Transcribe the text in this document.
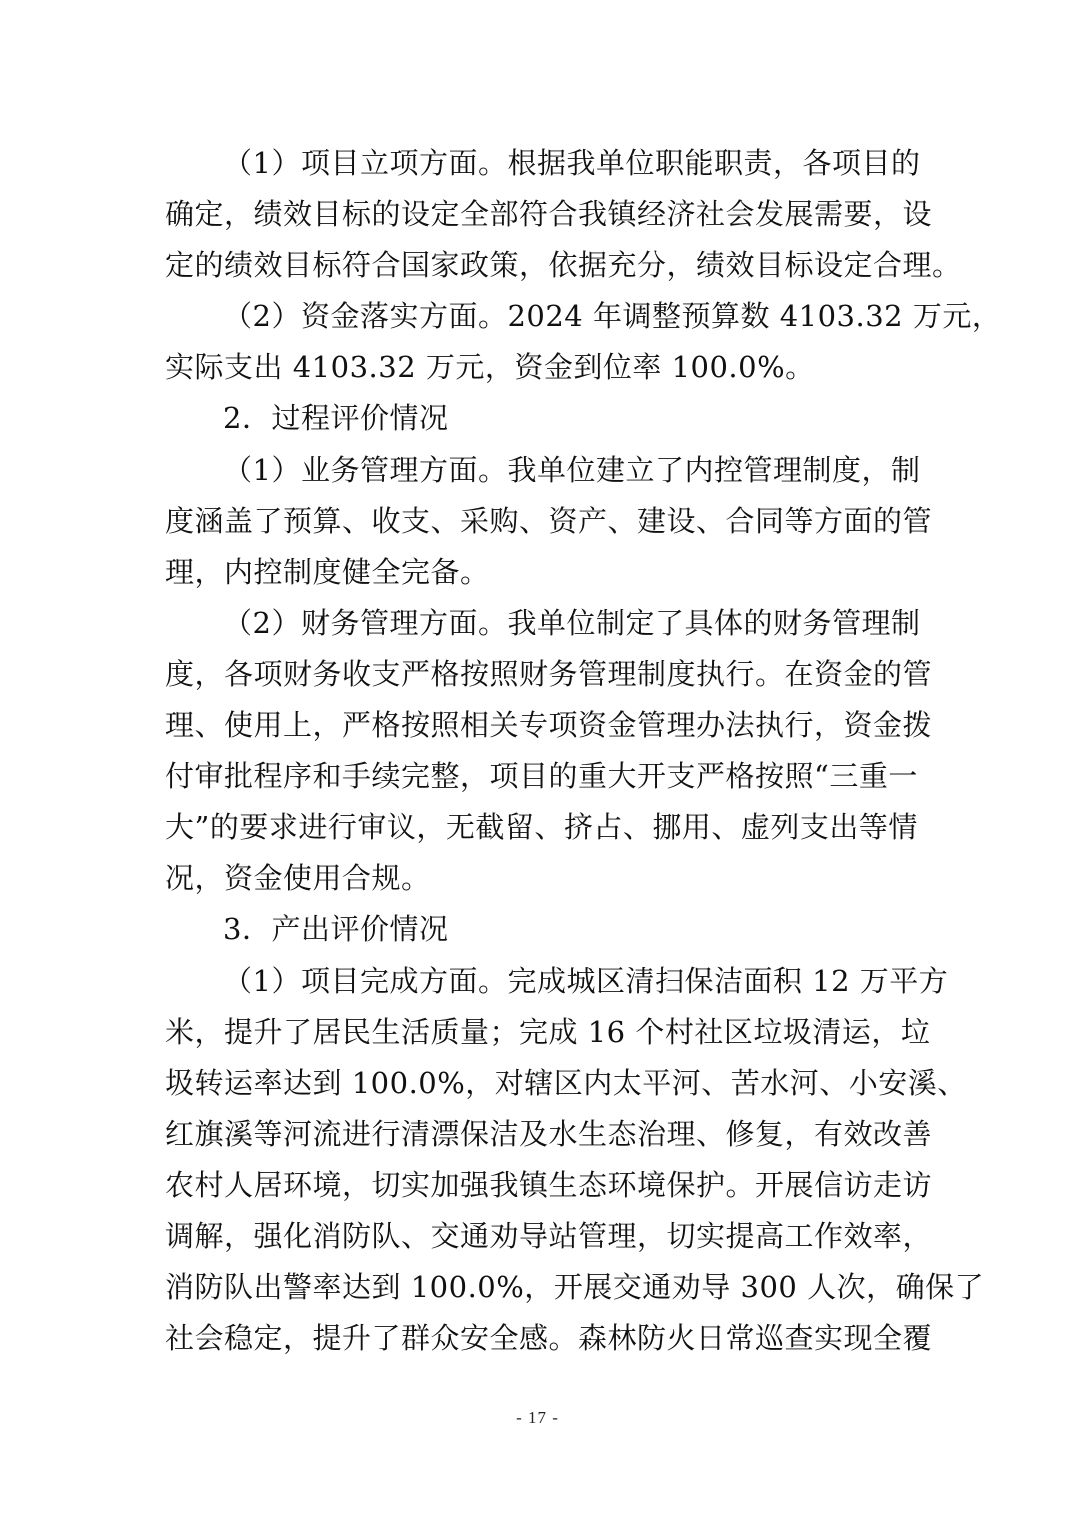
（1）项目立项方面。根据我单位职能职责，各项目的
确定，绩效目标的设定全部符合我镇经济社会发展需要，设
定的绩效目标符合国家政策，依据充分，绩效目标设定合理。
（2）资金落实方面。2024 年调整预算数 4103.32 万元，
实际支出 4103.32 万元，资金到位率 100.0%。
2．过程评价情况
（1）业务管理方面。我单位建立了内控管理制度，制
度涵盖了预算、收支、采购、资产、建设、合同等方面的管
理，内控制度健全完备。
（2）财务管理方面。我单位制定了具体的财务管理制
度，各项财务收支严格按照财务管理制度执行。在资金的管
理、使用上，严格按照相关专项资金管理办法执行，资金拨
付审批程序和手续完整，项目的重大开支严格按照“三重一
大”的要求进行审议，无截留、挤占、挪用、虚列支出等情
况，资金使用合规。
3．产出评价情况
（1）项目完成方面。完成城区清扫保洁面积 12 万平方
米，提升了居民生活质量；完成 16 个村社区垃圾清运，垃
圾转运率达到 100.0%，对辖区内太平河、苦水河、小安溪、
红旗溪等河流进行清漂保洁及水生态治理、修复，有效改善
农村人居环境，切实加强我镇生态环境保护。开展信访走访
调解，强化消防队、交通劝导站管理，切实提高工作效率，
消防队出警率达到 100.0%，开展交通劝导 300 人次，确保了
社会稳定，提升了群众安全感。森林防火日常巡查实现全覆
- 17 -
